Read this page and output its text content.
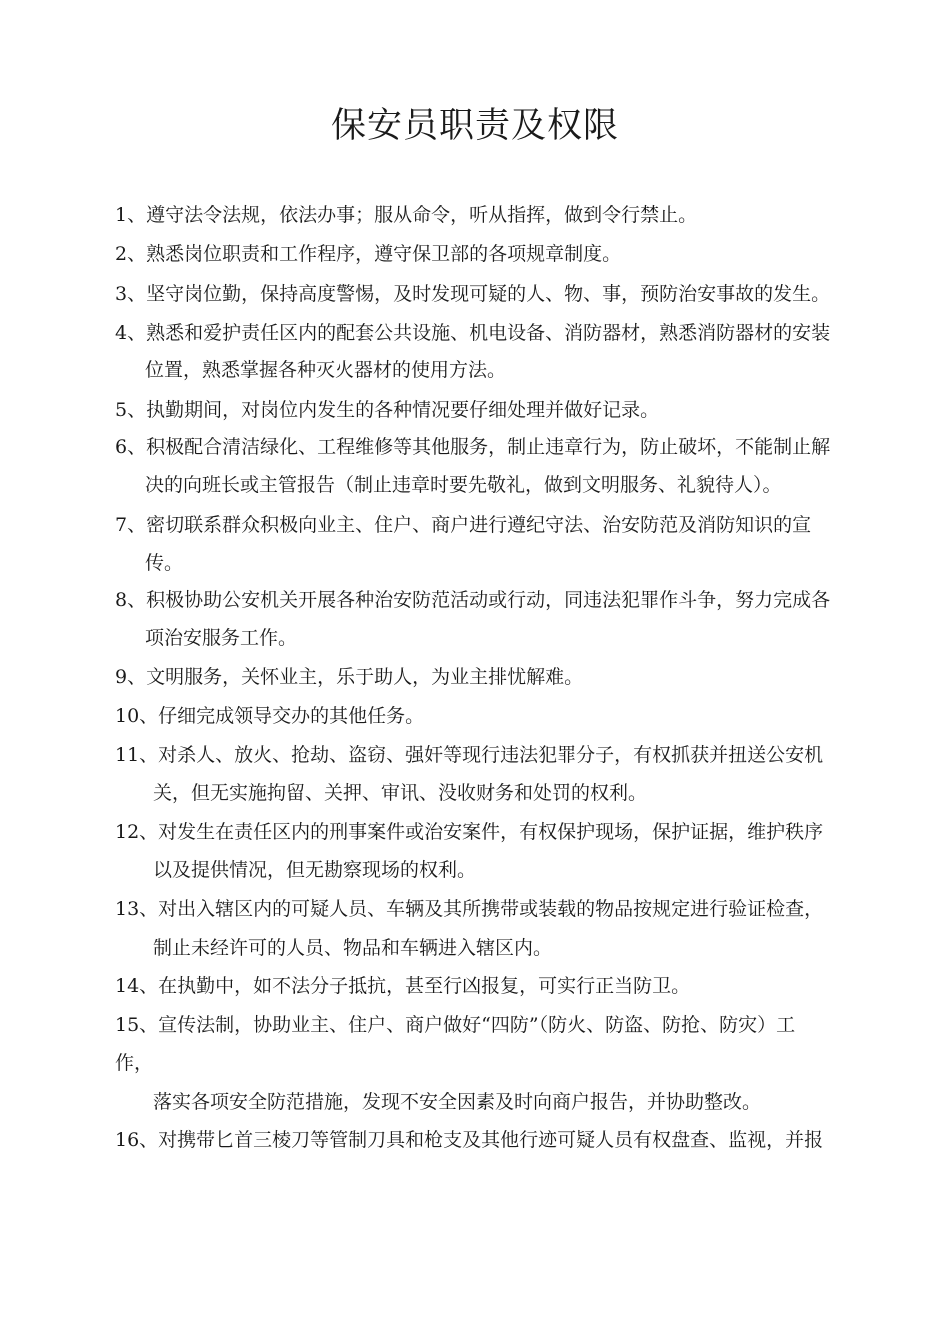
保安员职责及权限
1、遵守法令法规，依法办事；服从命令，听从指挥，做到令行禁止。
2、熟悉岗位职责和工作程序，遵守保卫部的各项规章制度。
3、坚守岗位勤，保持高度警惕，及时发现可疑的人、物、事，预防治安事故的发生。
4、熟悉和爱护责任区内的配套公共设施、机电设备、消防器材，熟悉消防器材的安装
位置，熟悉掌握各种灭火器材的使用方法。
5、执勤期间，对岗位内发生的各种情况要仔细处理并做好记录。
6、积极配合清洁绿化、工程维修等其他服务，制止违章行为，防止破坏，不能制止解
决的向班长或主管报告（制止违章时要先敬礼，做到文明服务、礼貌待人）。
7、密切联系群众积极向业主、住户、商户进行遵纪守法、治安防范及消防知识的宣
传。
8、积极协助公安机关开展各种治安防范活动或行动，同违法犯罪作斗争，努力完成各
项治安服务工作。
9、文明服务，关怀业主，乐于助人，为业主排忧解难。
10、仔细完成领导交办的其他任务。
11、对杀人、放火、抢劫、盗窃、强奸等现行违法犯罪分子，有权抓获并扭送公安机
关，但无实施拘留、关押、审讯、没收财务和处罚的权利。
12、对发生在责任区内的刑事案件或治安案件，有权保护现场，保护证据，维护秩序
以及提供情况，但无勘察现场的权利。
13、对出入辖区内的可疑人员、车辆及其所携带或装载的物品按规定进行验证检查，
制止未经许可的人员、物品和车辆进入辖区内。
14、在执勤中，如不法分子抵抗，甚至行凶报复，可实行正当防卫。
15、宣传法制，协助业主、住户、商户做好“四防”（防火、防盗、防抢、防灾）工
作，
落实各项安全防范措施，发现不安全因素及时向商户报告，并协助整改。
16、对携带匕首三棱刀等管制刀具和枪支及其他行迹可疑人员有权盘查、监视，并报
